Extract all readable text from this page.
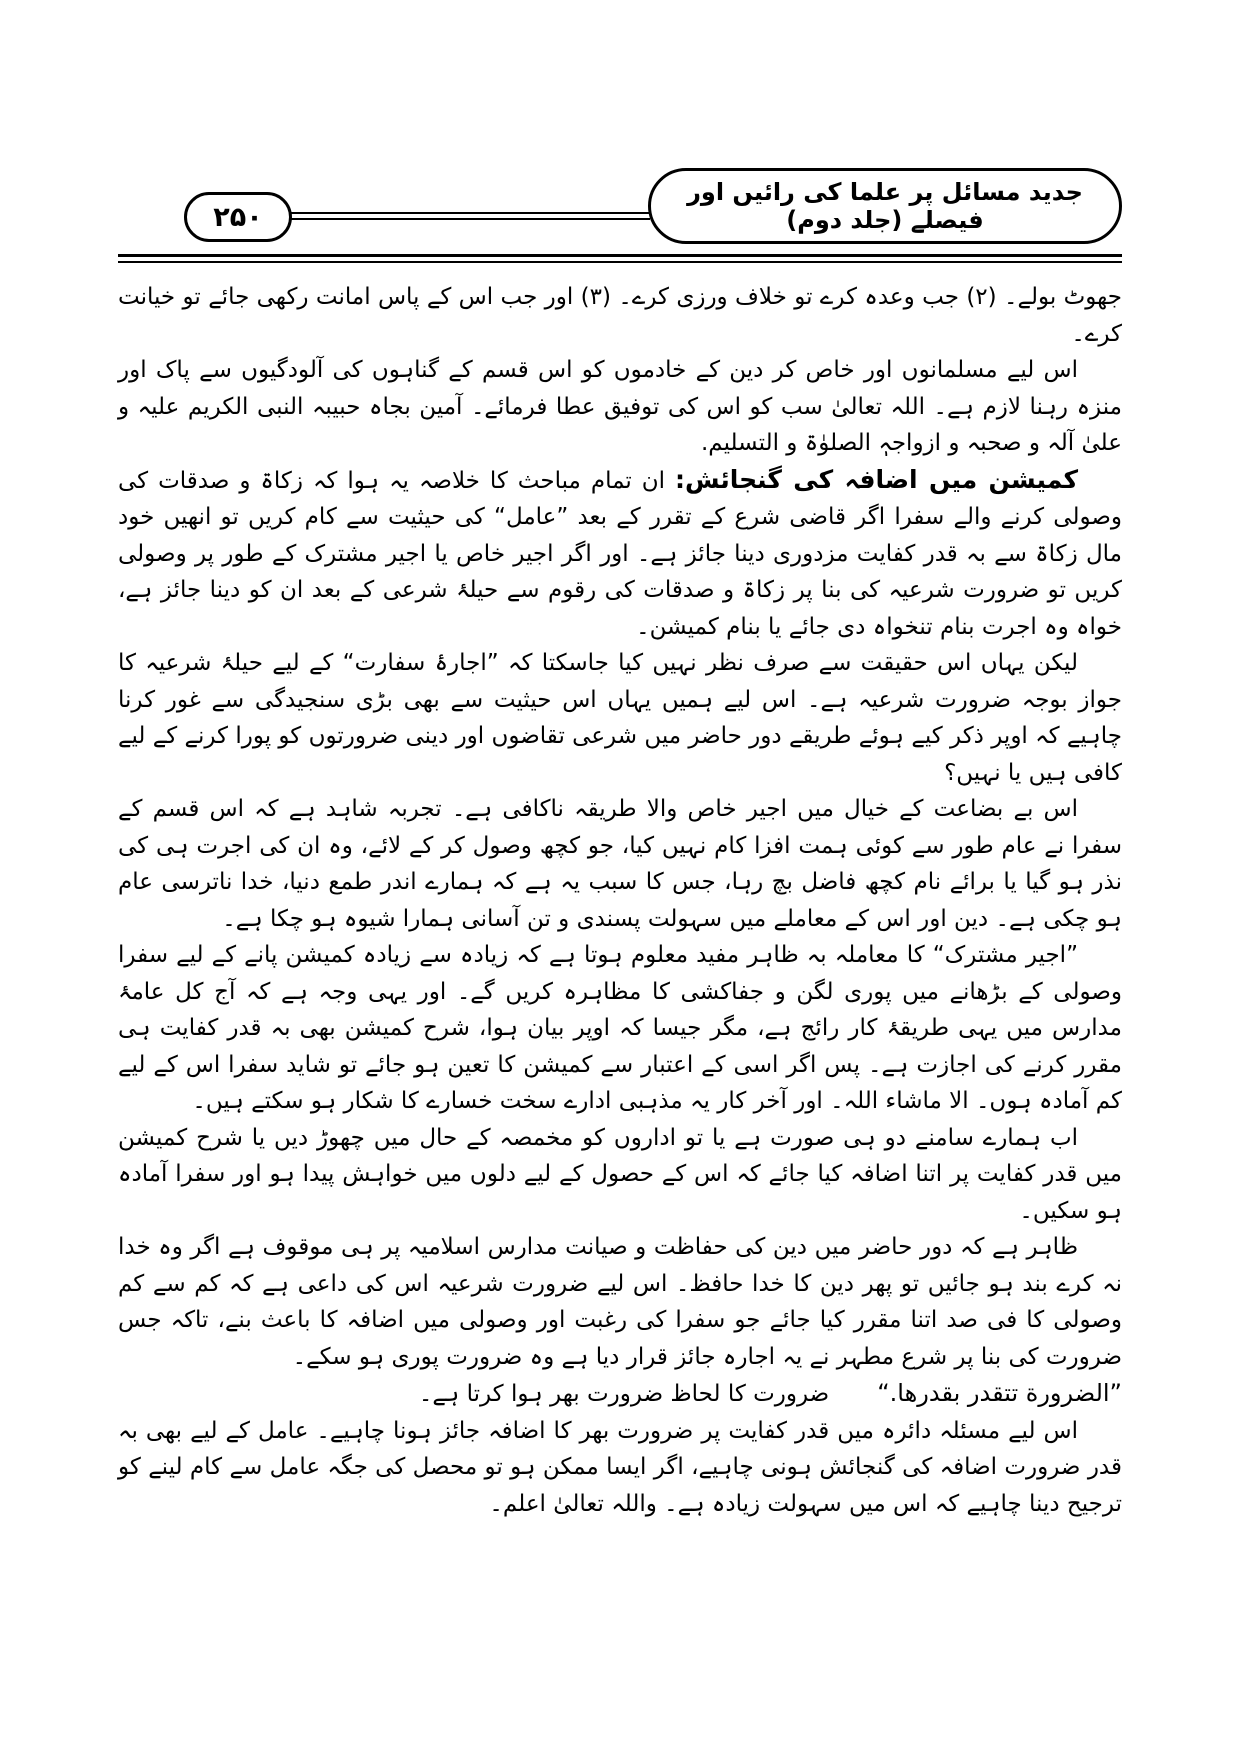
۲۵۰
جدید مسائل پر علما کی رائیں اور فیصلے (جلد دوم)

جھوٹ بولے۔ (۲) جب وعدہ کرے تو خلاف ورزی کرے۔ (۳) اور جب اس کے پاس امانت رکھی جائے تو خیانت کرے۔

اس لیے مسلمانوں اور خاص کر دین کے خادموں کو اس قسم کے گناہوں کی آلودگیوں سے پاک اور منزہ رہنا لازم ہے۔ اللہ تعالیٰ سب کو اس کی توفیق عطا فرمائے۔ آمین بجاہ حبیبہ النبی الکریم علیہ و علیٰ آلہ و صحبہ و ازواجہٖ الصلوٰۃ و التسلیم.

کمیشن میں اضافہ کی گنجائش: ان تمام مباحث کا خلاصہ یہ ہوا کہ زکاۃ و صدقات کی وصولی کرنے والے سفرا اگر قاضی شرع کے تقرر کے بعد ”عامل“ کی حیثیت سے کام کریں تو انھیں خود مال زکاۃ سے بہ قدر کفایت مزدوری دینا جائز ہے۔ اور اگر اجیر خاص یا اجیر مشترک کے طور پر وصولی کریں تو ضرورت شرعیہ کی بنا پر زکاۃ و صدقات کی رقوم سے حیلۂ شرعی کے بعد ان کو دینا جائز ہے، خواہ وہ اجرت بنام تنخواہ دی جائے یا بنام کمیشن۔

لیکن یہاں اس حقیقت سے صرف نظر نہیں کیا جاسکتا کہ ”اجارۂ سفارت“ کے لیے حیلۂ شرعیہ کا جواز بوجہ ضرورت شرعیہ ہے۔ اس لیے ہمیں یہاں اس حیثیت سے بھی بڑی سنجیدگی سے غور کرنا چاہیے کہ اوپر ذکر کیے ہوئے طریقے دور حاضر میں شرعی تقاضوں اور دینی ضرورتوں کو پورا کرنے کے لیے کافی ہیں یا نہیں؟

اس بے بضاعت کے خیال میں اجیر خاص والا طریقہ ناکافی ہے۔ تجربہ شاہد ہے کہ اس قسم کے سفرا نے عام طور سے کوئی ہمت افزا کام نہیں کیا، جو کچھ وصول کر کے لائے، وہ ان کی اجرت ہی کی نذر ہو گیا یا برائے نام کچھ فاضل بچ رہا، جس کا سبب یہ ہے کہ ہمارے اندر طمع دنیا، خدا ناترسی عام ہو چکی ہے۔ دین اور اس کے معاملے میں سہولت پسندی و تن آسانی ہمارا شیوہ ہو چکا ہے۔

”اجیر مشترک“ کا معاملہ بہ ظاہر مفید معلوم ہوتا ہے کہ زیادہ سے زیادہ کمیشن پانے کے لیے سفرا وصولی کے بڑھانے میں پوری لگن و جفاکشی کا مظاہرہ کریں گے۔ اور یہی وجہ ہے کہ آج کل عامۂ مدارس میں یہی طریقۂ کار رائج ہے، مگر جیسا کہ اوپر بیان ہوا، شرح کمیشن بھی بہ قدر کفایت ہی مقرر کرنے کی اجازت ہے۔ پس اگر اسی کے اعتبار سے کمیشن کا تعین ہو جائے تو شاید سفرا اس کے لیے کم آمادہ ہوں۔ الا ماشاء اللہ۔ اور آخر کار یہ مذہبی ادارے سخت خسارے کا شکار ہو سکتے ہیں۔

اب ہمارے سامنے دو ہی صورت ہے یا تو اداروں کو مخمصہ کے حال میں چھوڑ دیں یا شرح کمیشن میں قدر کفایت پر اتنا اضافہ کیا جائے کہ اس کے حصول کے لیے دلوں میں خواہش پیدا ہو اور سفرا آمادہ ہو سکیں۔

ظاہر ہے کہ دور حاضر میں دین کی حفاظت و صیانت مدارس اسلامیہ پر ہی موقوف ہے اگر وہ خدا نہ کرے بند ہو جائیں تو پھر دین کا خدا حافظ۔ اس لیے ضرورت شرعیہ اس کی داعی ہے کہ کم سے کم وصولی کا فی صد اتنا مقرر کیا جائے جو سفرا کی رغبت اور وصولی میں اضافہ کا باعث بنے، تاکہ جس ضرورت کی بنا پر شرع مطہر نے یہ اجارہ جائز قرار دیا ہے وہ ضرورت پوری ہو سکے۔

”الضرورة تتقدر بقدرها.“ضرورت کا لحاظ ضرورت بھر ہوا کرتا ہے۔

اس لیے مسئلہ دائرہ میں قدر کفایت پر ضرورت بھر کا اضافہ جائز ہونا چاہیے۔ عامل کے لیے بھی بہ قدر ضرورت اضافہ کی گنجائش ہونی چاہیے، اگر ایسا ممکن ہو تو محصل کی جگہ عامل سے کام لینے کو ترجیح دینا چاہیے کہ اس میں سہولت زیادہ ہے۔ واللہ تعالیٰ اعلم۔
